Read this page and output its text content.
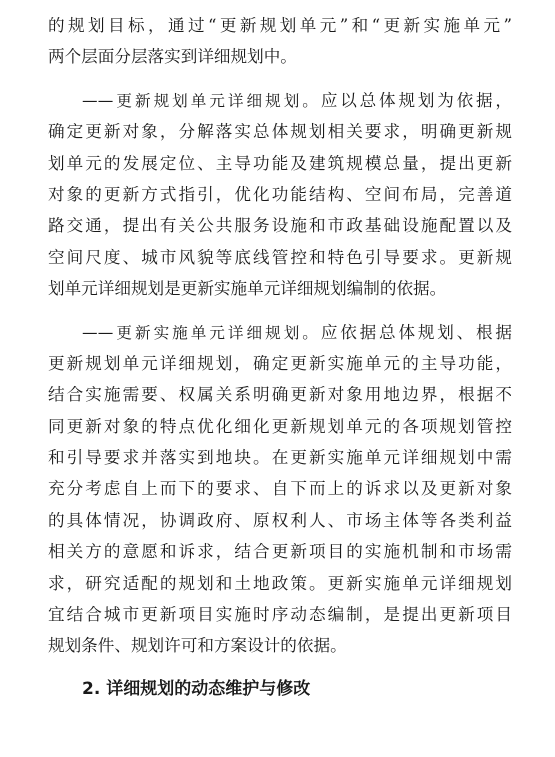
的规划目标，通过“更新规划单元”和“更新实施单元”
两个层面分层落实到详细规划中。
——更新规划单元详细规划。应以总体规划为依据，
确定更新对象，分解落实总体规划相关要求，明确更新规
划单元的发展定位、主导功能及建筑规模总量，提出更新
对象的更新方式指引，优化功能结构、空间布局，完善道
路交通，提出有关公共服务设施和市政基础设施配置以及
空间尺度、城市风貌等底线管控和特色引导要求。更新规
划单元详细规划是更新实施单元详细规划编制的依据。
——更新实施单元详细规划。应依据总体规划、根据
更新规划单元详细规划，确定更新实施单元的主导功能，
结合实施需要、权属关系明确更新对象用地边界，根据不
同更新对象的特点优化细化更新规划单元的各项规划管控
和引导要求并落实到地块。在更新实施单元详细规划中需
充分考虑自上而下的要求、自下而上的诉求以及更新对象
的具体情况，协调政府、原权利人、市场主体等各类利益
相关方的意愿和诉求，结合更新项目的实施机制和市场需
求，研究适配的规划和土地政策。更新实施单元详细规划
宜结合城市更新项目实施时序动态编制，是提出更新项目
规划条件、规划许可和方案设计的依据。
2. 详细规划的动态维护与修改
